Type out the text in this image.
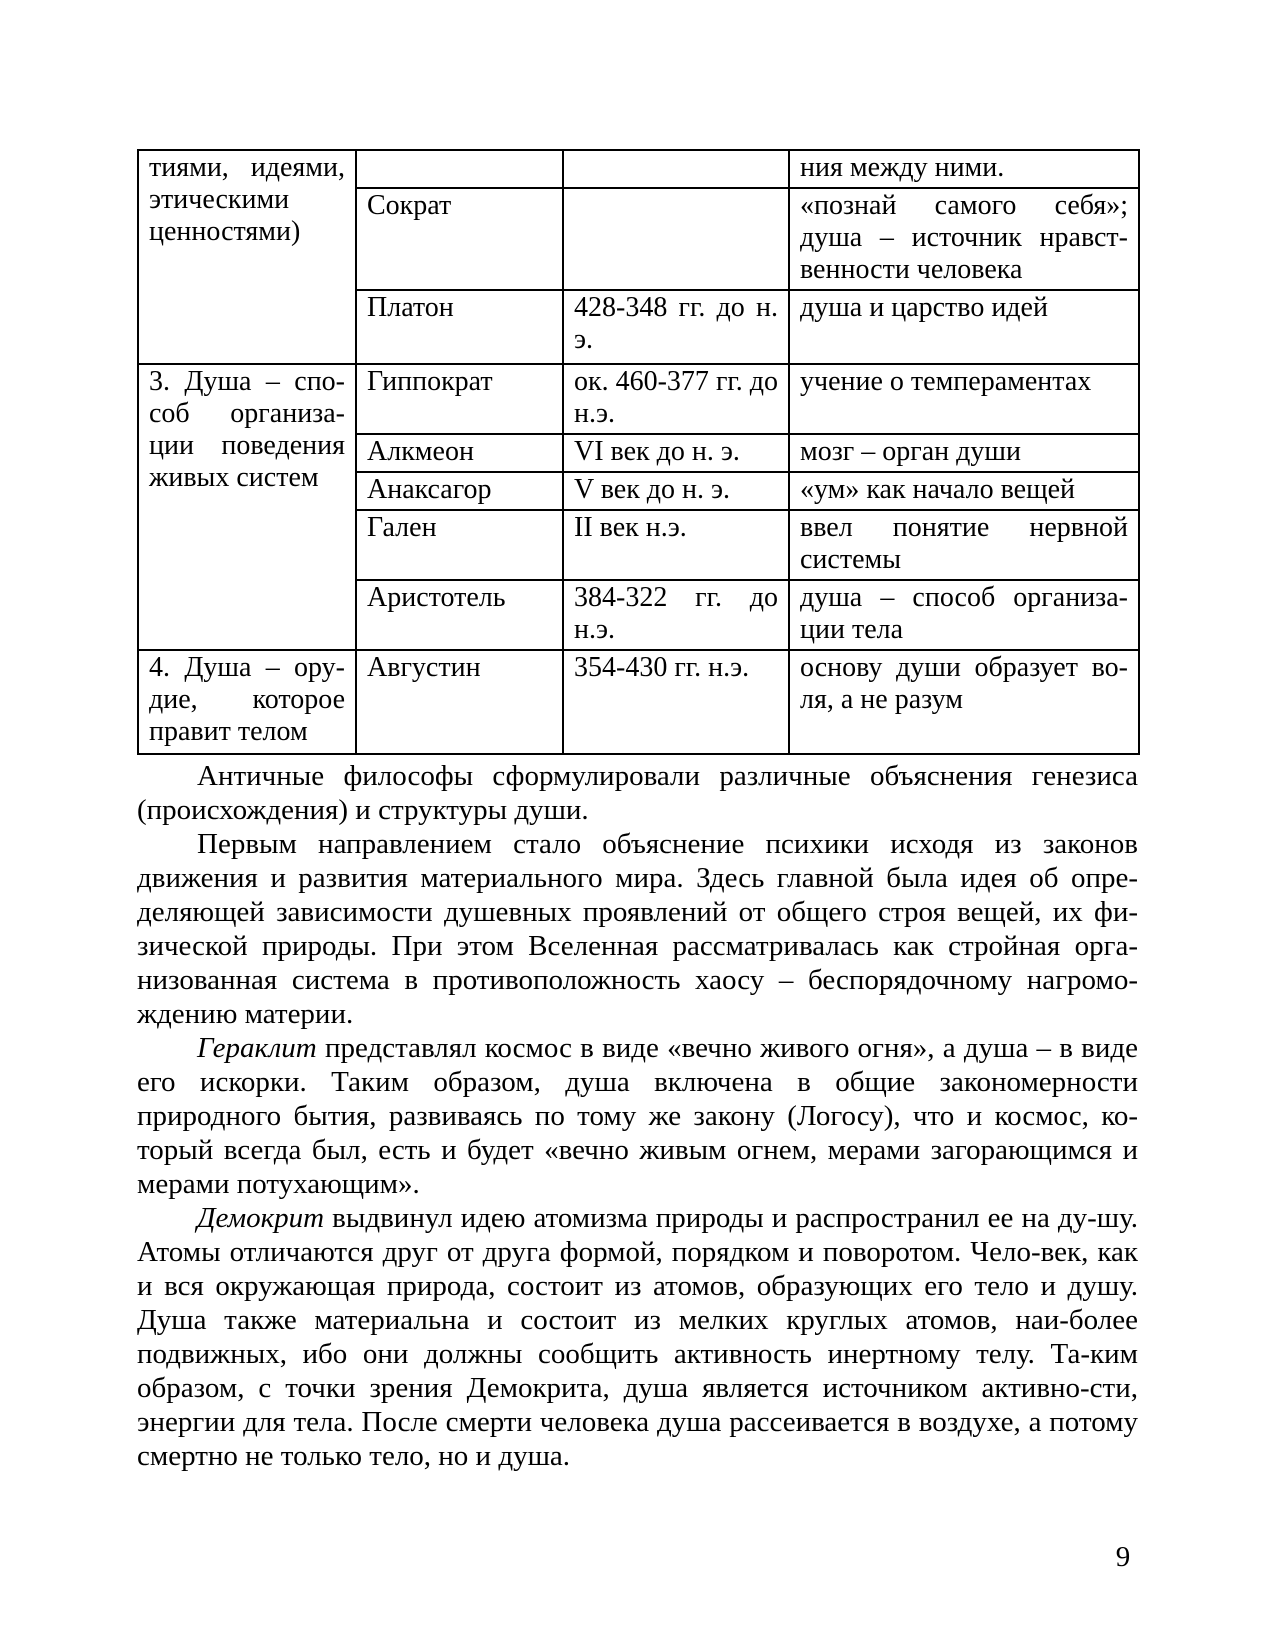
тиями, идеями, этическими ценностями)			ния между ними.
	Сократ		«познай самого себя»; душа – источник нравст-венности человека
	Платон	428-348 гг. до н. э.	душа и царство идей
3. Душа – спо-соб организа-ции поведения живых систем	Гиппократ	ок. 460-377 гг. до н.э.	учение о темпераментах
	Алкмеон	VI век до н. э.	мозг – орган души
	Анаксагор	V век до н. э.	«ум» как начало вещей
	Гален	II век н.э.	ввел понятие нервной системы
	Аристотель	384-322 гг. до н.э.	душа – способ организа-ции тела
4. Душа – ору-дие, которое правит телом	Августин	354-430 гг. н.э.	основу души образует во-ля, а не разум

Античные философы сформулировали различные объяснения генезиса (происхождения) и структуры души.

Первым направлением стало объяснение психики исходя из законов движения и развития материального мира. Здесь главной была идея об опре-деляющей зависимости душевных проявлений от общего строя вещей, их фи-зической природы. При этом Вселенная рассматривалась как стройная орга-низованная система в противоположность хаосу – беспорядочному нагромо-ждению материи.

Гераклит представлял космос в виде «вечно живого огня», а душа – в виде его искорки. Таким образом, душа включена в общие закономерности природного бытия, развиваясь по тому же закону (Логосу), что и космос, ко-торый всегда был, есть и будет «вечно живым огнем, мерами загорающимся и мерами потухающим».

Демокрит выдвинул идею атомизма природы и распространил ее на ду-шу. Атомы отличаются друг от друга формой, порядком и поворотом. Чело-век, как и вся окружающая природа, состоит из атомов, образующих его тело и душу. Душа также материальна и состоит из мелких круглых атомов, наи-более подвижных, ибо они должны сообщить активность инертному телу. Та-ким образом, с точки зрения Демокрита, душа является источником активно-сти, энергии для тела. После смерти человека душа рассеивается в воздухе, а потому смертно не только тело, но и душа.

9
